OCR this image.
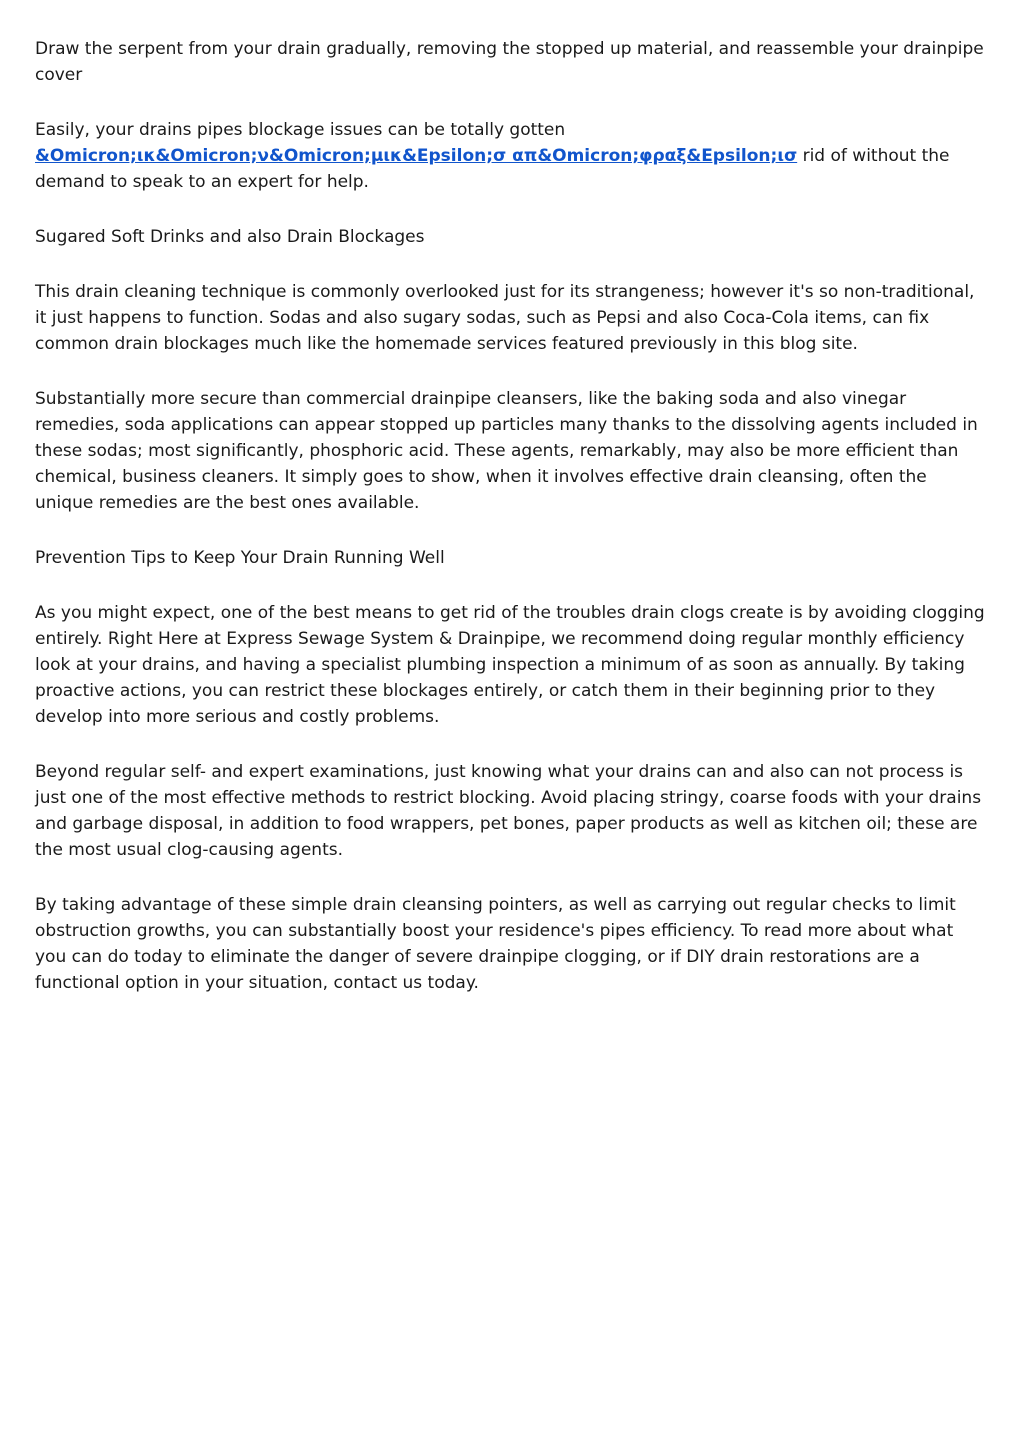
Draw the serpent from your drain gradually, removing the stopped up material, and reassemble your drainpipe cover

Easily, your drains pipes blockage issues can be totally gotten &Omicron;ικ&Omicron;ν&Omicron;μικ&Epsilon;σ απ&Omicron;φραξ&Epsilon;ισ rid of without the demand to speak to an expert for help.

Sugared Soft Drinks and also Drain Blockages

This drain cleaning technique is commonly overlooked just for its strangeness; however it's so non-traditional, it just happens to function. Sodas and also sugary sodas, such as Pepsi and also Coca-Cola items, can fix common drain blockages much like the homemade services featured previously in this blog site.

Substantially more secure than commercial drainpipe cleansers, like the baking soda and also vinegar remedies, soda applications can appear stopped up particles many thanks to the dissolving agents included in these sodas; most significantly, phosphoric acid. These agents, remarkably, may also be more efficient than chemical, business cleaners. It simply goes to show, when it involves effective drain cleansing, often the unique remedies are the best ones available.

Prevention Tips to Keep Your Drain Running Well

As you might expect, one of the best means to get rid of the troubles drain clogs create is by avoiding clogging entirely. Right Here at Express Sewage System & Drainpipe, we recommend doing regular monthly efficiency look at your drains, and having a specialist plumbing inspection a minimum of as soon as annually. By taking proactive actions, you can restrict these blockages entirely, or catch them in their beginning prior to they develop into more serious and costly problems.

Beyond regular self- and expert examinations, just knowing what your drains can and also can not process is just one of the most effective methods to restrict blocking. Avoid placing stringy, coarse foods with your drains and garbage disposal, in addition to food wrappers, pet bones, paper products as well as kitchen oil; these are the most usual clog-causing agents.

By taking advantage of these simple drain cleansing pointers, as well as carrying out regular checks to limit obstruction growths, you can substantially boost your residence's pipes efficiency. To read more about what you can do today to eliminate the danger of severe drainpipe clogging, or if DIY drain restorations are a functional option in your situation, contact us today.
